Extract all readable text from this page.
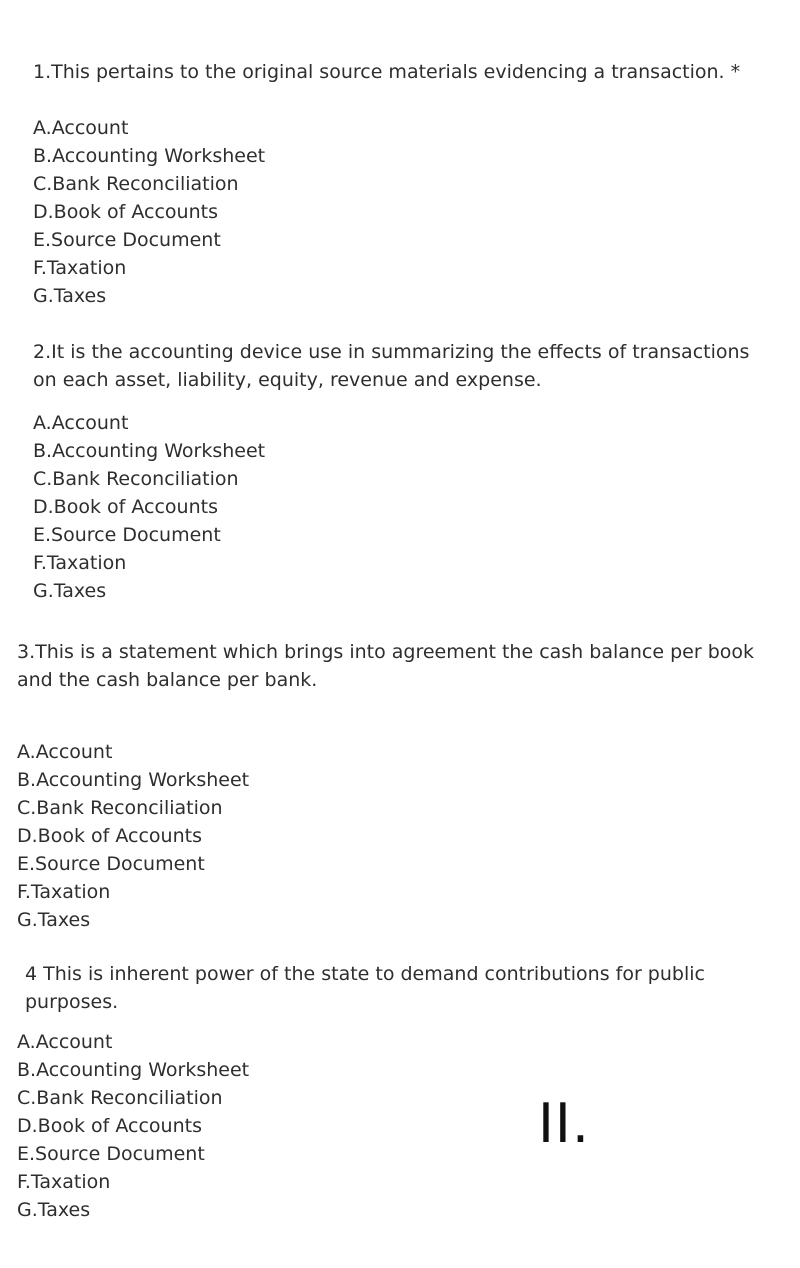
1.This pertains to the original source materials evidencing a transaction. *

A.Account
B.Accounting Worksheet
C.Bank Reconciliation
D.Book of Accounts
E.Source Document
F.Taxation
G.Taxes

2.It is the accounting device use in summarizing the effects of transactions on each asset, liability, equity, revenue and expense.

A.Account
B.Accounting Worksheet
C.Bank Reconciliation
D.Book of Accounts
E.Source Document
F.Taxation
G.Taxes

3.This is a statement which brings into agreement the cash balance per book and the cash balance per bank.

A.Account
B.Accounting Worksheet
C.Bank Reconciliation
D.Book of Accounts
E.Source Document
F.Taxation
G.Taxes

4 This is inherent power of the state to demand contributions for public purposes.

A.Account
B.Accounting Worksheet
C.Bank Reconciliation
D.Book of Accounts
E.Source Document
F.Taxation
G.Taxes
II.
